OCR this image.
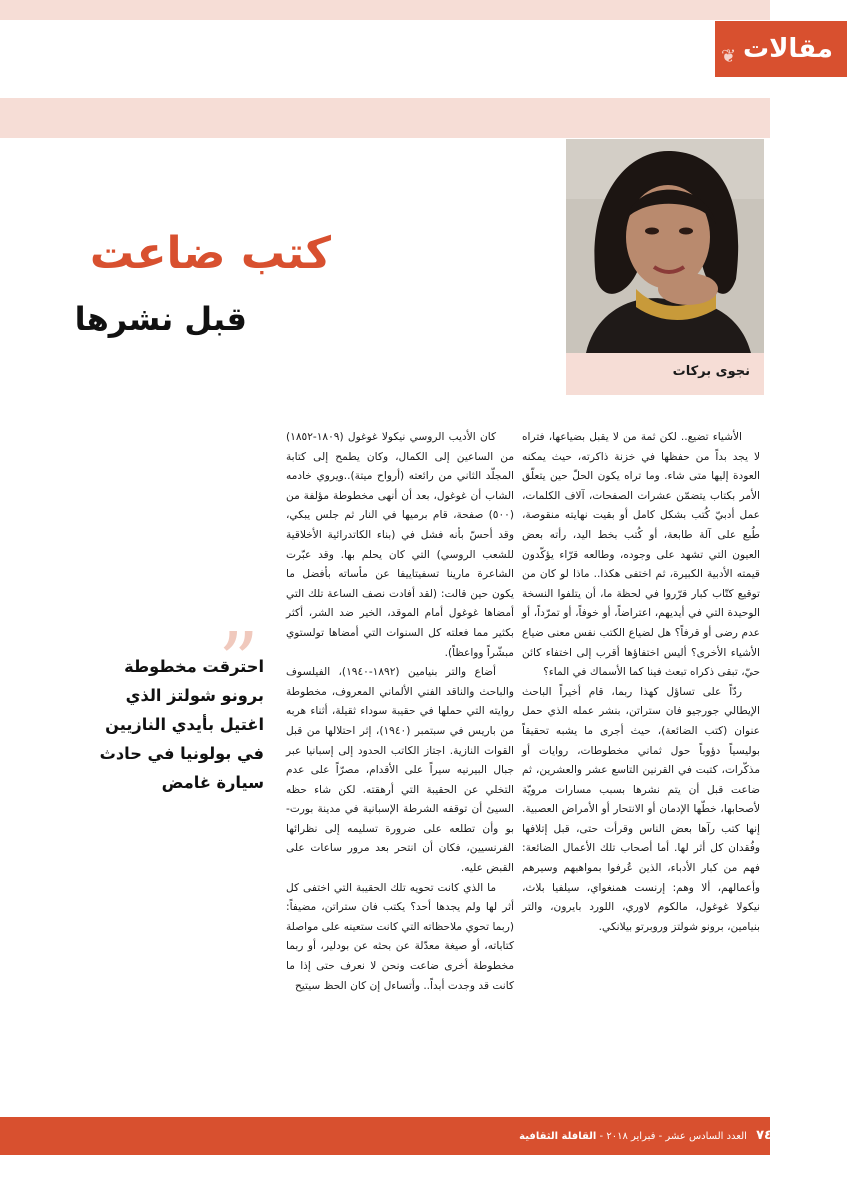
مقالات
❦
كتب ضاعت
قبل نشرها
نجوى بركات

الأشياء تضيع.. لكن ثمة من لا يقبل بضياعها، فتراه لا يجد بداً من حفظها في خزنة ذاكرته، حيث يمكنه العودة إليها متى شاء. وما تراه يكون الحلّ حين يتعلّق الأمر بكتاب يتضمّن عشرات الصفحات، آلاف الكلمات، عمل أدبيّ كُتب بشكل كامل أو بقيت نهايته منقوصة، طُبع على آلة طابعة، أو كُتب بخط اليد، رأته بعض العيون التي تشهد على وجوده، وطالعه قرّاء يؤكّدون قيمته الأدبية الكبيرة، ثم اختفى هكذا.. ماذا لو كان من توقيع كتّاب كبار قرّروا في لحظة ما، أن يتلفوا النسخة الوحيدة التي في أيديهم، اعتراضاً، أو خوفاً، أو تمرّداً، أو عدم رضى أو قرفاً؟ هل لضياع الكتب نفس معنى ضياع الأشياء الأخرى؟ أليس اختفاؤها أقرب إلى اختفاء كائن حيّ، تبقى ذكراه تبعث فينا كما الأسماك في الماء؟

ردّاً على تساؤل كهذا ربما، قام أخيراً الباحث الإيطالي جورجيو فان ستراتن، بنشر عمله الذي حمل عنوان (كتب الضائعة)، حيث أجرى ما يشبه تحقيقاً بوليسياً دؤوباً حول ثماني مخطوطات، روايات أو مذكّرات، كتبت في القرنين التاسع عشر والعشرين، ثم ضاعت قبل أن يتم نشرها بسبب مسارات مرويّة لأصحابها، خطّها الإدمان أو الانتحار أو الأمراض العصبية. إنها كتب رآها بعض الناس وقرأت حتى، قبل إتلافها وفُقدان كل أثر لها. أما أصحاب تلك الأعمال الضائعة: فهم من كبار الأدباء، الذين عُرفوا بمواهبهم وسيرهم وأعمالهم، ألا وهم: إرنست همنغواي، سيلفيا بلاث، نيكولا غوغول، مالكوم لاوري، اللورد بايرون، والتر بنيامين، برونو شولتز وروبرتو بيلانكي.

كان الأديب الروسي نيكولا غوغول (١٨٠٩-١٨٥٢) من الساعين إلى الكمال، وكان يطمح إلى كتابة المجلّد الثاني من رائعته (أرواح ميتة)..ويروي خادمه الشاب أن غوغول، بعد أن أنهى مخطوطة مؤلفة من (٥٠٠) صفحة، قام برميها في النار ثم جلس يبكي، وقد أحسّ بأنه فشل في (بناء الكاتدرائية الأخلاقية للشعب الروسي) التي كان يحلم بها. وقد عبّرت الشاعرة مارينا تسفيتاييفا عن مأساته بأفضل ما يكون حين قالت: (لقد أفادت نصف الساعة تلك التي أمضاها غوغول أمام الموقد، الخير ضد الشر، أكثر بكثير مما فعلته كل السنوات التي أمضاها تولستوي مبشّراً وواعظاً).

أضاع والتر بنيامين (١٨٩٢-١٩٤٠)، الفيلسوف والباحث والناقد الفني الألماني المعروف، مخطوطة روايته التي حملها في حقيبة سوداء ثقيلة، أثناء هربه من باريس في سبتمبر (١٩٤٠)، إثر احتلالها من قبل القوات النازية. اجتاز الكاتب الحدود إلى إسبانيا عبر جبال البيرنيه سيراً على الأقدام، مصرّاً على عدم التخلي عن الحقيبة التي أرهقته. لكن شاء حظه السيئ أن توقفه الشرطة الإسبانية في مدينة بورت- بو وأن تطلعه على ضرورة تسليمه إلى نظرائها الفرنسيين، فكان أن انتحر بعد مرور ساعات على القبض عليه.

ما الذي كانت تحويه تلك الحقيبة التي اختفى كل أثر لها ولم يجدها أحد؟ يكتب فان ستراتن، مضيفاً: (ربما تحوي ملاحظاته التي كانت ستعينه على مواصلة كتاباته، أو صيغة معدّلة عن بحثه عن بودلير، أو ربما مخطوطة أخرى ضاعت ونحن لا نعرف حتى إذا ما كانت قد وجدت أبداً.. وأتساءل إن كان الحظ سيتيح

”
احترقت مخطوطة برونو شولتز الذي اغتيل بأيدي النازيين في بولونيا في حادث سيارة غامض
٧٤ العدد السادس عشر - فبراير ٢٠١٨ - القافلة الثقافية
